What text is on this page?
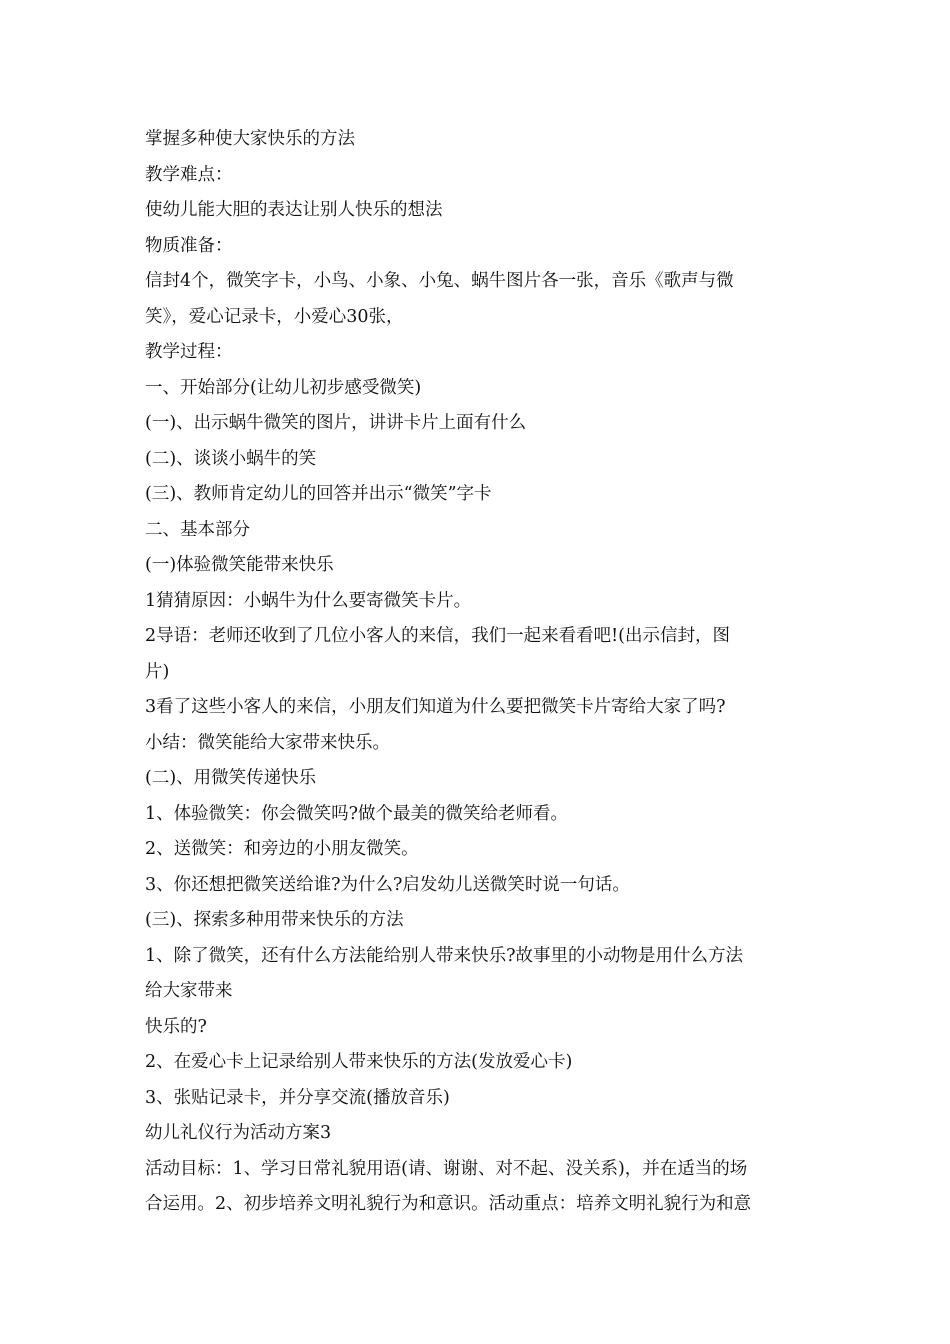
掌握多种使大家快乐的方法
教学难点：
使幼儿能大胆的表达让别人快乐的想法
物质准备：
信封4个，微笑字卡，小鸟、小象、小兔、蜗牛图片各一张，音乐《歌声与微
笑》，爱心记录卡，小爱心30张，
教学过程：
一、开始部分(让幼儿初步感受微笑)
(一)、出示蜗牛微笑的图片，讲讲卡片上面有什么
(二)、谈谈小蜗牛的笑
(三)、教师肯定幼儿的回答并出示“微笑”字卡
二、基本部分
(一)体验微笑能带来快乐
1猜猜原因：小蜗牛为什么要寄微笑卡片。
2导语：老师还收到了几位小客人的来信，我们一起来看看吧!(出示信封，图
片)
3看了这些小客人的来信，小朋友们知道为什么要把微笑卡片寄给大家了吗?
小结：微笑能给大家带来快乐。
(二)、用微笑传递快乐
1、体验微笑：你会微笑吗?做个最美的微笑给老师看。
2、送微笑：和旁边的小朋友微笑。
3、你还想把微笑送给谁?为什么?启发幼儿送微笑时说一句话。
(三)、探索多种用带来快乐的方法
1、除了微笑，还有什么方法能给别人带来快乐?故事里的小动物是用什么方法
给大家带来
快乐的?
2、在爱心卡上记录给别人带来快乐的方法(发放爱心卡)
3、张贴记录卡，并分享交流(播放音乐)
幼儿礼仪行为活动方案3
活动目标：1、学习日常礼貌用语(请、谢谢、对不起、没关系)，并在适当的场
合运用。2、初步培养文明礼貌行为和意识。活动重点：培养文明礼貌行为和意
